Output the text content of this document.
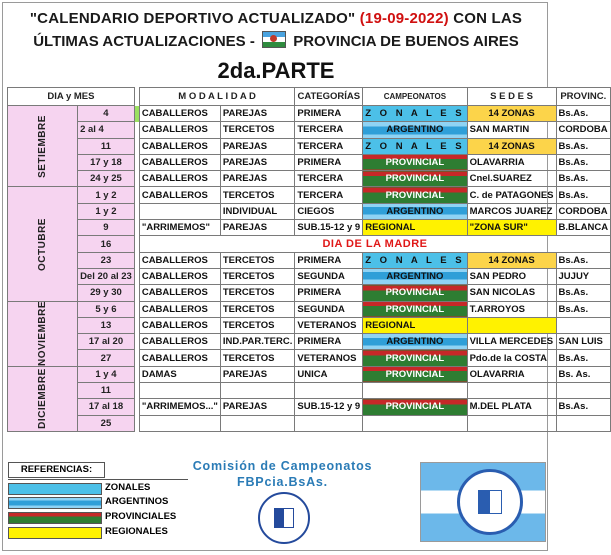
"CALENDARIO DEPORTIVO ACTUALIZADO" (19-09-2022) CON LAS
ÚLTIMAS ACTUALIZACIONES -	PROVINCIA DE BUENOS AIRES
2da.PARTE
DIA y MES			M O D A L I D A D		CATEGORÍAS	CAMPEONATOS	S E D E S	PROVINC.
SETIEMBRE	4		CABALLEROS	PAREJAS	PRIMERA	Z O N A L E S	14 ZONAS	Bs.As.
	2 al 4		CABALLEROS	TERCETOS	TERCERA	ARGENTINO	SAN MARTIN	CORDOBA
	11		CABALLEROS	PAREJAS	TERCERA	Z O N A L E S	14 ZONAS	Bs.As.
	17 y 18		CABALLEROS	PAREJAS	PRIMERA	PROVINCIAL	OLAVARRIA	Bs.As.
	24 y 25		CABALLEROS	PAREJAS	TERCERA	PROVINCIAL	Cnel.SUAREZ	Bs.As.
OCTUBRE	1 y 2		CABALLEROS	TERCETOS	TERCERA	PROVINCIAL	C. de PATAGONES	Bs.As.
	1 y 2			INDIVIDUAL	CIEGOS	ARGENTINO	MARCOS JUAREZ	CORDOBA
	9		"ARRIMEMOS"	PAREJAS	SUB.15-12 y 9	REGIONAL	"ZONA SUR"	B.BLANCA
	16		DIA DE LA MADRE					
	23		CABALLEROS	TERCETOS	PRIMERA	Z O N A L E S	14 ZONAS	Bs.As.
	Del 20 al 23		CABALLEROS	TERCETOS	SEGUNDA	ARGENTINO	SAN PEDRO	JUJUY
	29 y 30		CABALLEROS	TERCETOS	PRIMERA	PROVINCIAL	SAN NICOLAS	Bs.As.
NOVIEMBRE	5 y 6		CABALLEROS	TERCETOS	SEGUNDA	PROVINCIAL	T.ARROYOS	Bs.As.
	13		CABALLEROS	TERCETOS	VETERANOS	REGIONAL		
	17 al 20		CABALLEROS	IND.PAR.TERC.	PRIMERA	ARGENTINO	VILLA MERCEDES	SAN LUIS
	27		CABALLEROS	TERCETOS	VETERANOS	PROVINCIAL	Pdo.de la COSTA	Bs.As.
DICIEMBRE	1 y 4		DAMAS	PAREJAS	UNICA	PROVINCIAL	OLAVARRIA	Bs. As.
	11							
	17 al 18		"ARRIMEMOS..."	PAREJAS	SUB.15-12 y 9	PROVINCIAL	M.DEL PLATA	Bs.As.
	25							
REFERENCIAS:
ZONALES
ARGENTINOS
PROVINCIALES
REGIONALES
Comisión de Campeonatos
FBPcia.BsAs.
